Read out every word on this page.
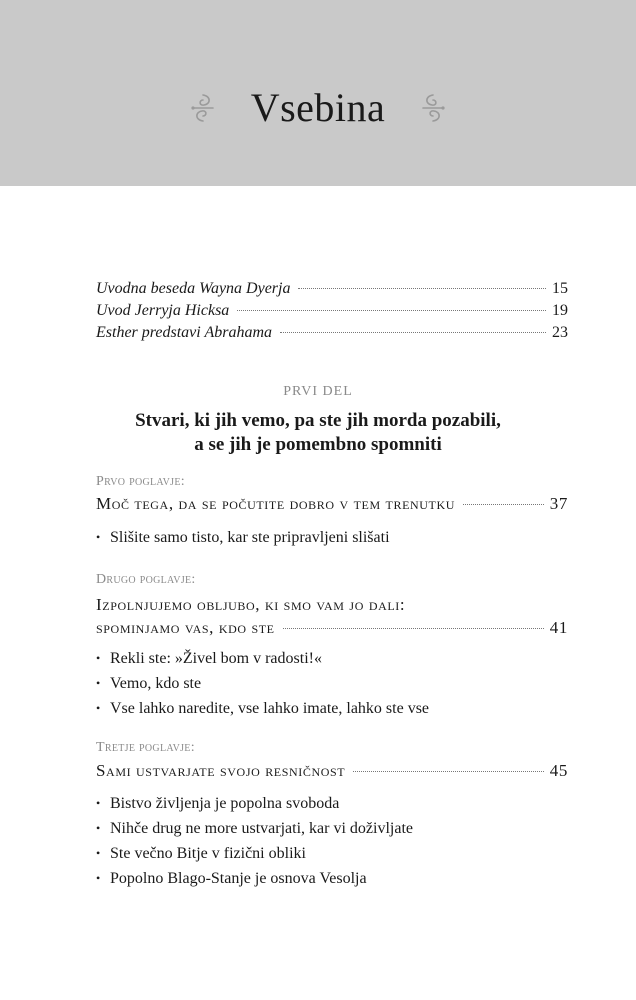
Vsebina
Uvodna beseda Wayna Dyerja	15
Uvod Jerryja Hicksa	19
Esther predstavi Abrahama	23
PRVI DEL
Stvari, ki jih vemo, pa ste jih morda pozabili,
a se jih je pomembno spomniti
Prvo poglavje:
Moč tega, da se počutite dobro v tem trenutku	37
• Slišite samo tisto, kar ste pripravljeni slišati
Drugo poglavje:
Izpolnjujemo obljubo, ki smo vam jo dali:
spominjamo vas, kdo ste	41
• Rekli ste: »Živel bom v radosti!«
• Vemo, kdo ste
• Vse lahko naredite, vse lahko imate, lahko ste vse
Tretje poglavje:
Sami ustvarjate svojo resničnost	45
• Bistvo življenja je popolna svoboda
• Nihče drug ne more ustvarjati, kar vi doživljate
• Ste večno Bitje v fizični obliki
• Popolno Blago-Stanje je osnova Vesolja
